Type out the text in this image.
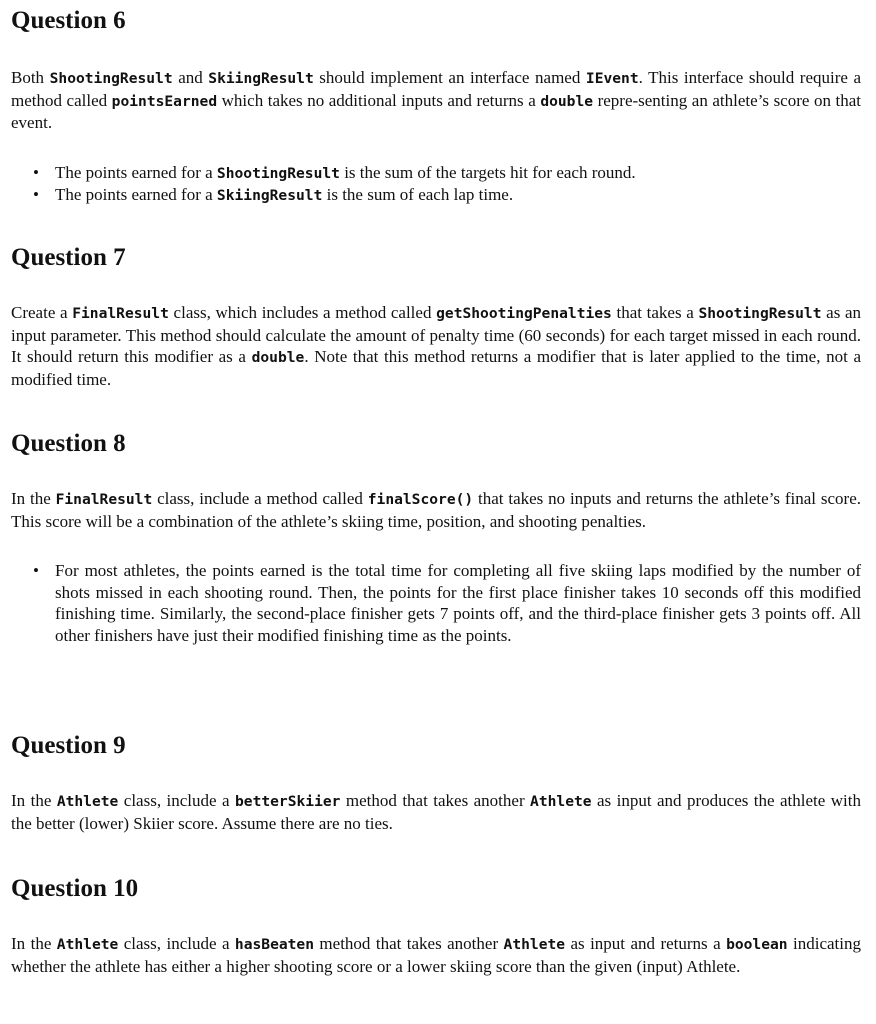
Question 6

Both ShootingResult and SkiingResult should implement an interface named IEvent. This interface should require a method called pointsEarned which takes no additional inputs and returns a double repre-senting an athlete’s score on that event.

• The points earned for a ShootingResult is the sum of the targets hit for each round.
• The points earned for a SkiingResult is the sum of each lap time.
Question 7

Create a FinalResult class, which includes a method called getShootingPenalties that takes a ShootingResult as an input parameter. This method should calculate the amount of penalty time (60 seconds) for each target missed in each round. It should return this modifier as a double. Note that this method returns a modifier that is later applied to the time, not a modified time.

Question 8

In the FinalResult class, include a method called finalScore() that takes no inputs and returns the athlete’s final score. This score will be a combination of the athlete’s skiing time, position, and shooting penalties.

• For most athletes, the points earned is the total time for completing all five skiing laps modified by the number of shots missed in each shooting round. Then, the points for the first place finisher takes 10 seconds off this modified finishing time. Similarly, the second-place finisher gets 7 points off, and the third-place finisher gets 3 points off. All other finishers have just their modified finishing time as the points.
Question 9

In the Athlete class, include a betterSkiier method that takes another Athlete as input and produces the athlete with the better (lower) Skiier score. Assume there are no ties.

Question 10

In the Athlete class, include a hasBeaten method that takes another Athlete as input and returns a boolean indicating whether the athlete has either a higher shooting score or a lower skiing score than the given (input) Athlete.
